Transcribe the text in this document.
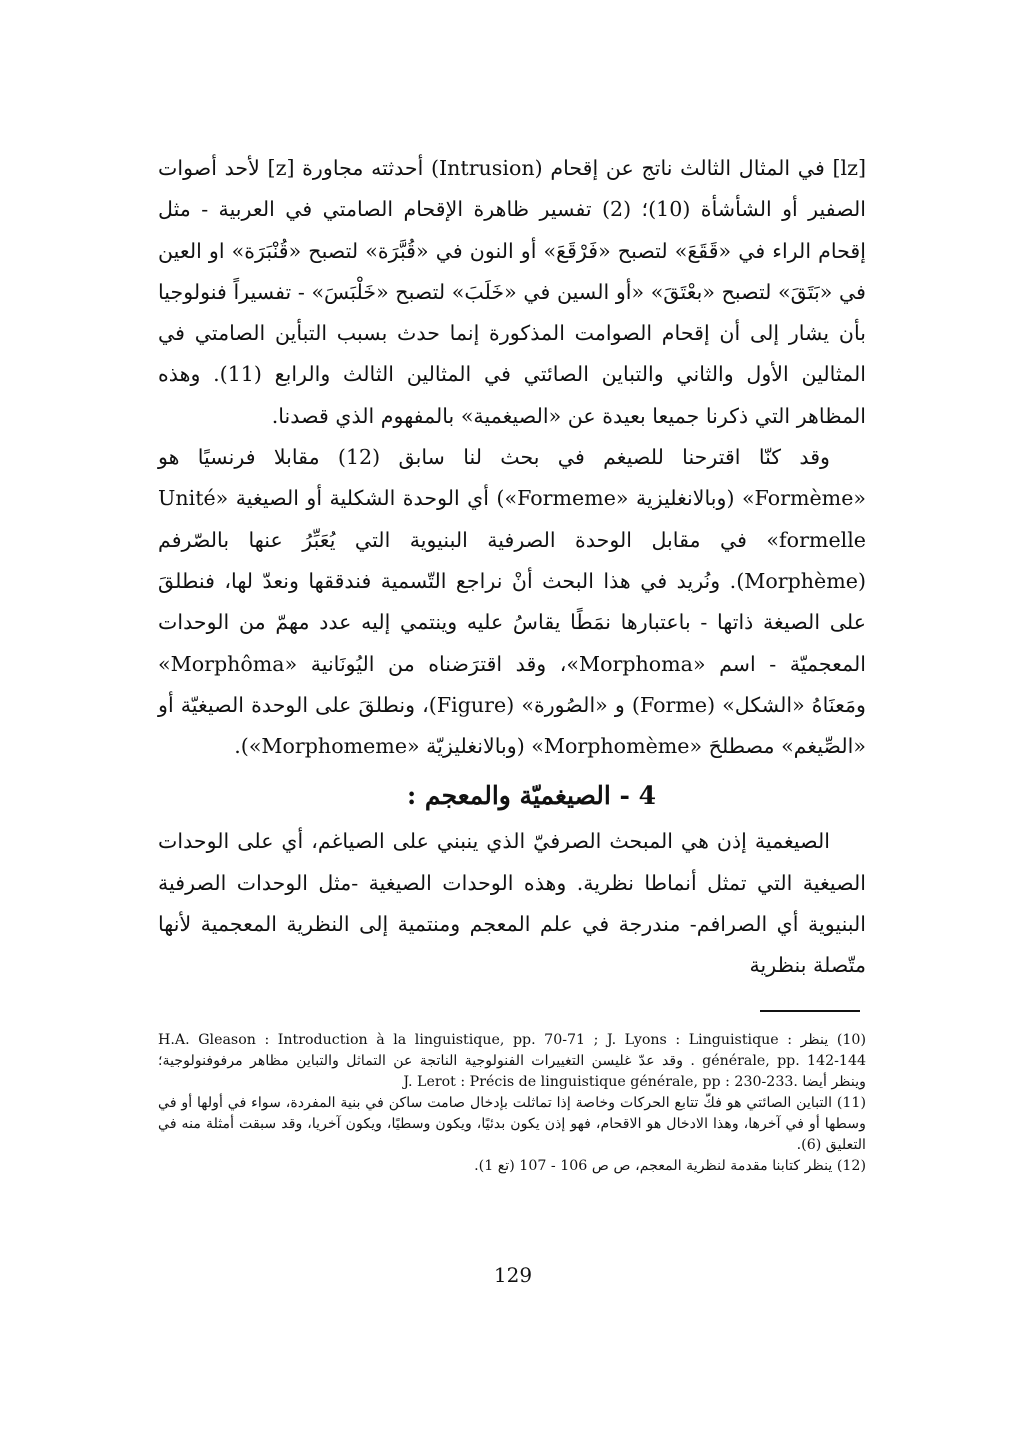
[lz] في المثال الثالث ناتج عن إقحام (Intrusion) أحدثته مجاورة [z] لأحد أصوات الصفير أو الشأشأة (10)؛ (2) تفسير ظاهرة الإقحام الصامتي في العربية - مثل إقحام الراء في «قَقَعَ» لتصبح «فَرْقَعَ» أو النون في «قُبَّرَة» لتصبح «قُنْبَرَة» او العين في «بَتَقَ» لتصبح «بعْتَقَ» «أو السين في «خَلَبَ» لتصبح «خَلْبَسَ» - تفسيراً فنولوجيا بأن يشار إلى أن إقحام الصوامت المذكورة إنما حدث بسبب التبأين الصامتي في المثالين الأول والثاني والتباين الصائتي في المثالين الثالث والرابع (11). وهذه المظاهر التي ذكرنا جميعا بعيدة عن «الصيغمية» بالمفهوم الذي قصدنا.

وقد كنّا اقترحنا للصيغم في بحث لنا سابق (12) مقابلا فرنسيًا هو «Formème» (وبالانغليزية «Formeme») أي الوحدة الشكلية أو الصيغية «Unité formelle» في مقابل الوحدة الصرفية البنيوية التي يُعَبِّرُ عنها بالصّرفم (Morphème). ونُريد في هذا البحث أنْ نراجع التّسمية فندققها ونعدّ لها، فنطلقَ على الصيغة ذاتها - باعتبارها نمَطًا يقاسُ عليه وينتمي إليه عدد مهمّ من الوحدات المعجميّة - اسم «Morphoma»، وقد اقترَضناه من اليُونَانية «Morphôma» ومَعنَاهُ «الشكل» (Forme) و «الصُورة» (Figure)، ونطلقَ على الوحدة الصيغيّة أو «الصِّيغم» مصطلحَ «Morphomème» (وبالانغليزيّة «Morphomeme»).

4 - الصيغميّة والمعجم :

الصيغمية إذن هي المبحث الصرفيّ الذي ينبني على الصياغم، أي على الوحدات الصيغية التي تمثل أنماطا نظرية. وهذه الوحدات الصيغية -مثل الوحدات الصرفية البنيوية أي الصرافم- مندرجة في علم المعجم ومنتمية إلى النظرية المعجمية لأنها متّصلة بنظرية

(10) ينظر : H.A. Gleason : Introduction à la linguistique, pp. 70-71 ; J. Lyons : Linguistique générale, pp. 142-144 . وقد عدّ غليسن التغييرات الفنولوجية الناتجة عن التماثل والتباين مظاهر مرفوفنولوجية؛ وينظر أيضا J. Lerot : Précis de linguistique générale, pp : 230-233.

(11) التباين الصائتي هو فكّ تتابع الحركات وخاصة إذا تماثلت بإدخال صامت ساكن في بنية المفردة، سواء في أولها أو في وسطها أو في آخرها، وهذا الادخال هو الاقحام، فهو إذن يكون بدئيًا، ويكون وسطيًا، ويكون آخريا، وقد سبقت أمثلة منه في التعليق (6).

(12) ينظر كتابنا مقدمة لنظرية المعجم، ص ص 106 - 107 (تع 1).

129
